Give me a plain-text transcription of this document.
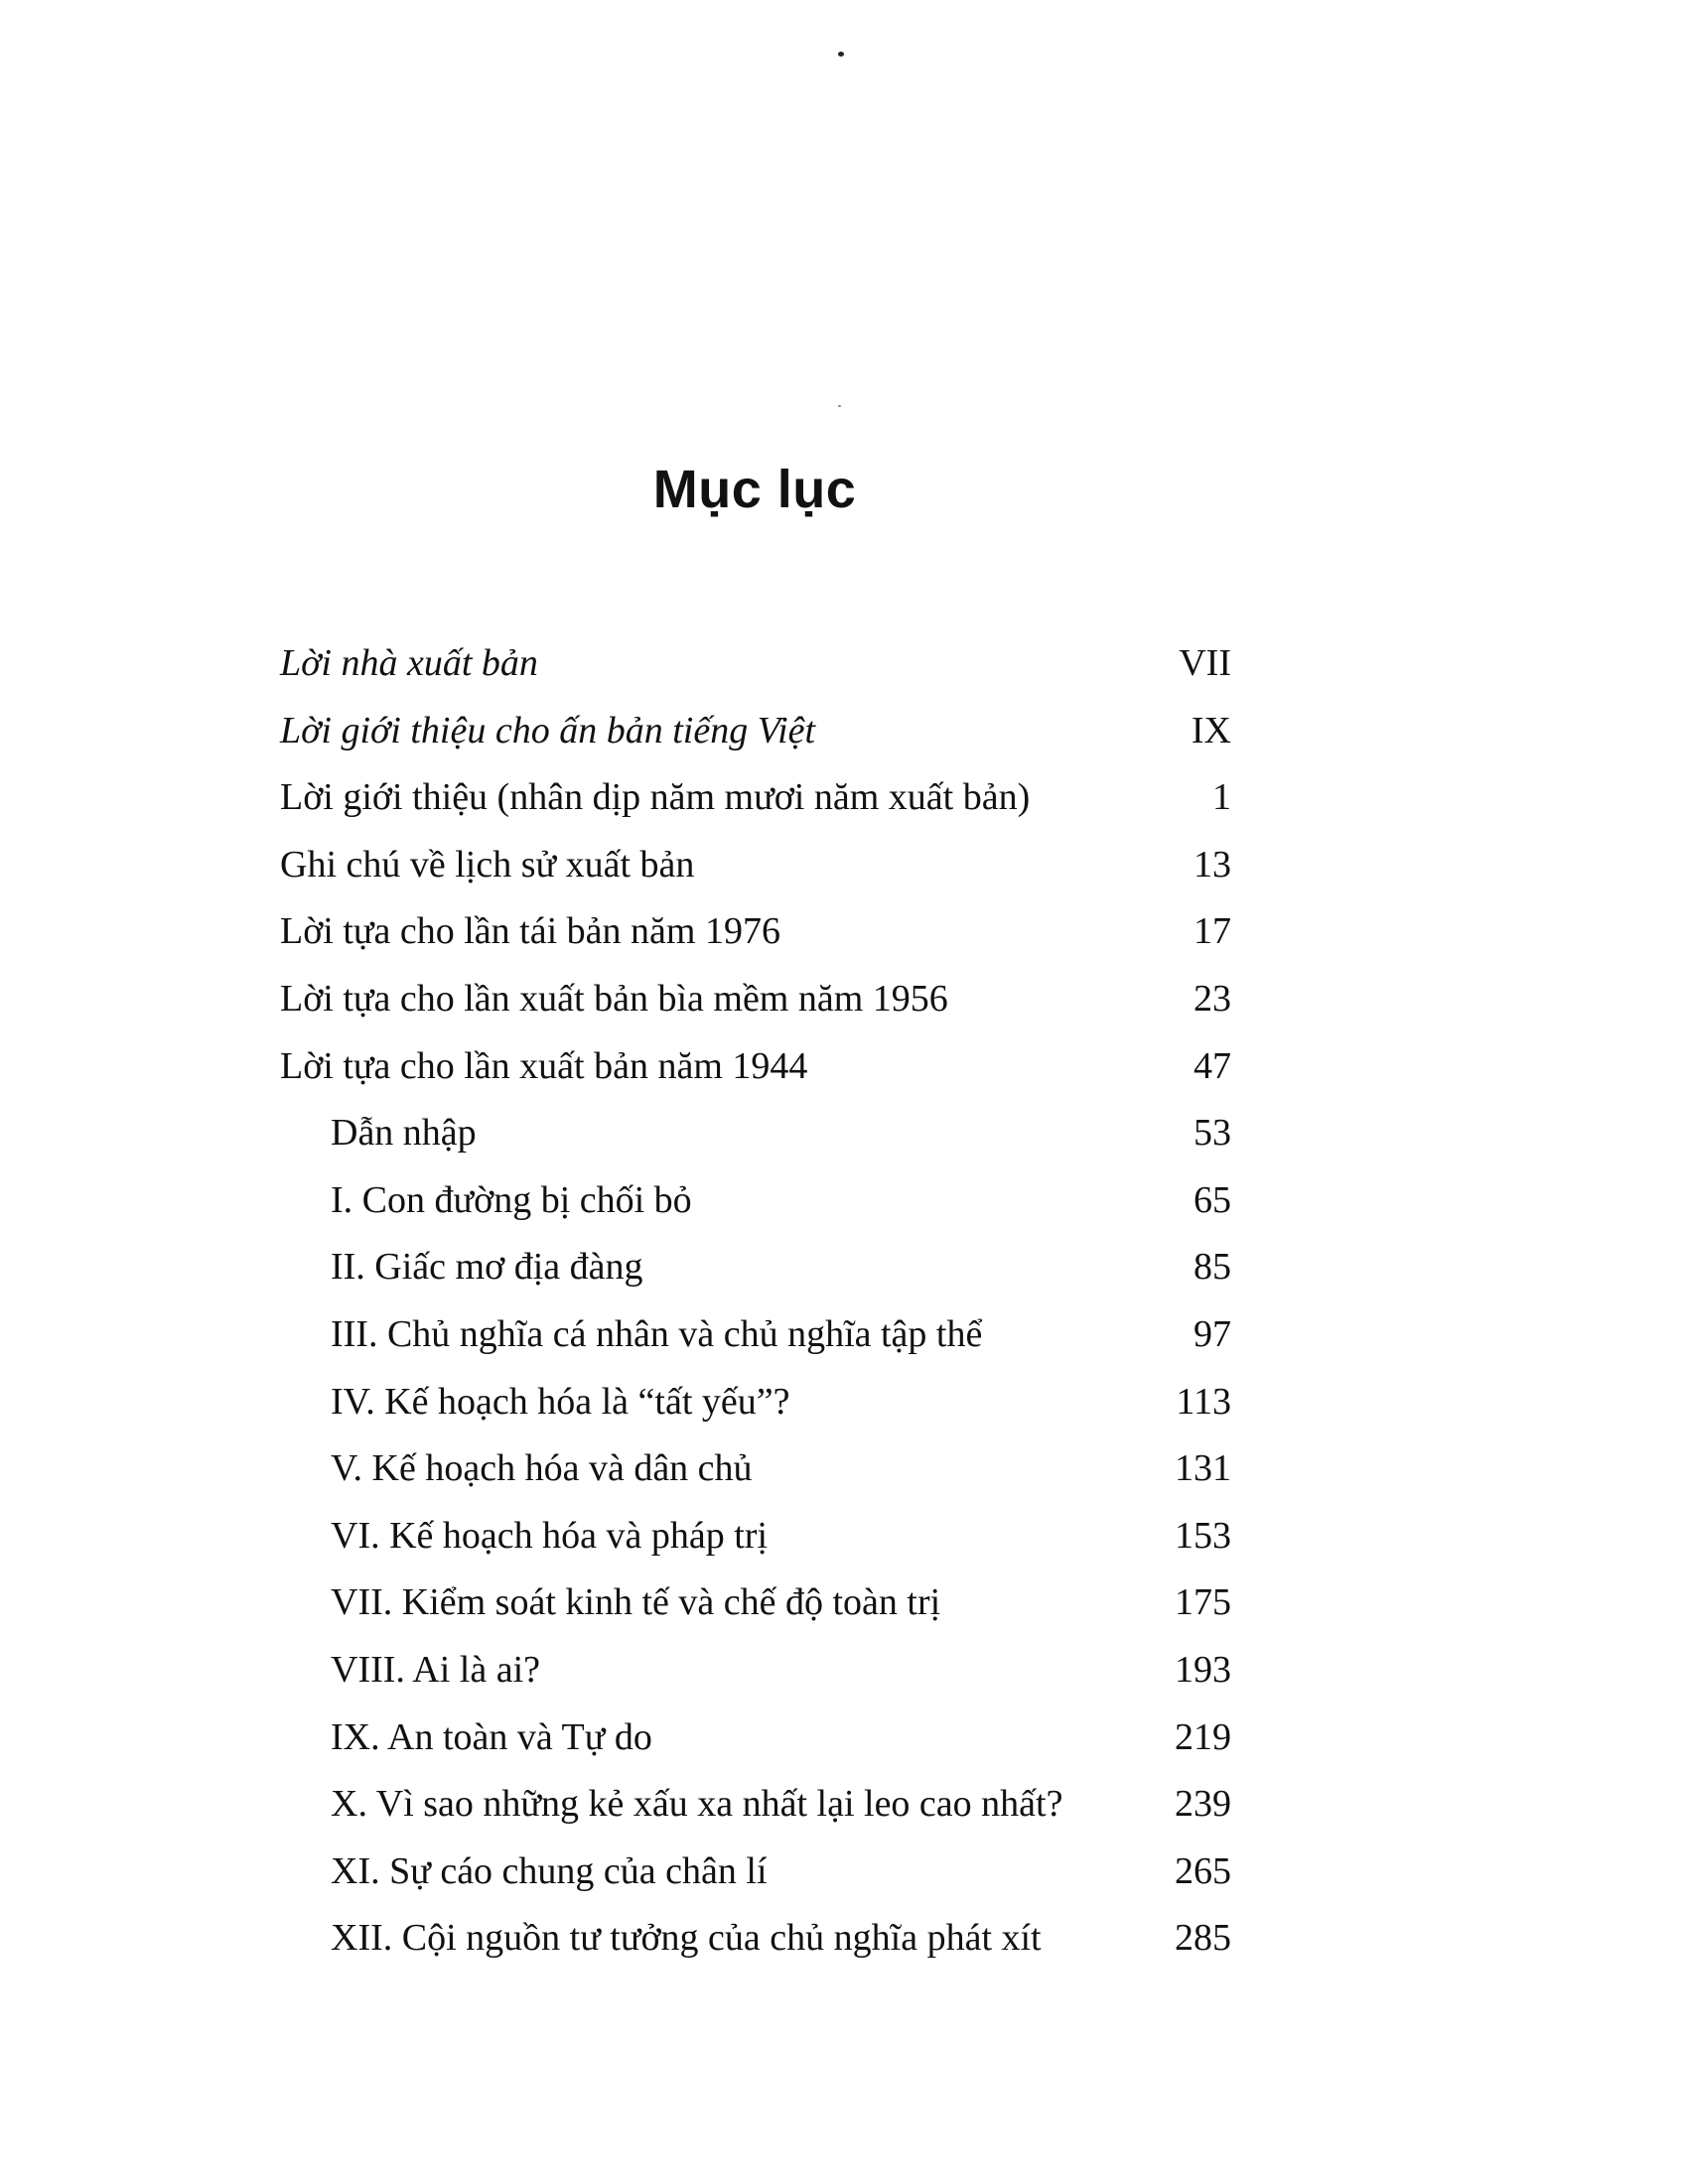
Mục lục
Lời nhà xuất bản	VII
Lời giới thiệu cho ấn bản tiếng Việt	IX
Lời giới thiệu (nhân dịp năm mươi năm xuất bản)	1
Ghi chú về lịch sử xuất bản	13
Lời tựa cho lần tái bản năm 1976	17
Lời tựa cho lần xuất bản bìa mềm năm 1956	23
Lời tựa cho lần xuất bản năm 1944	47
Dẫn nhập	53
I. Con đường bị chối bỏ	65
II. Giấc mơ địa đàng	85
III. Chủ nghĩa cá nhân và chủ nghĩa tập thể	97
IV. Kế hoạch hóa là “tất yếu”?	113
V. Kế hoạch hóa và dân chủ	131
VI. Kế hoạch hóa và pháp trị	153
VII. Kiểm soát kinh tế và chế độ toàn trị	175
VIII. Ai là ai?	193
IX. An toàn và Tự do	219
X. Vì sao những kẻ xấu xa nhất lại leo cao nhất?	239
XI. Sự cáo chung của chân lí	265
XII. Cội nguồn tư tưởng của chủ nghĩa phát xít	285
